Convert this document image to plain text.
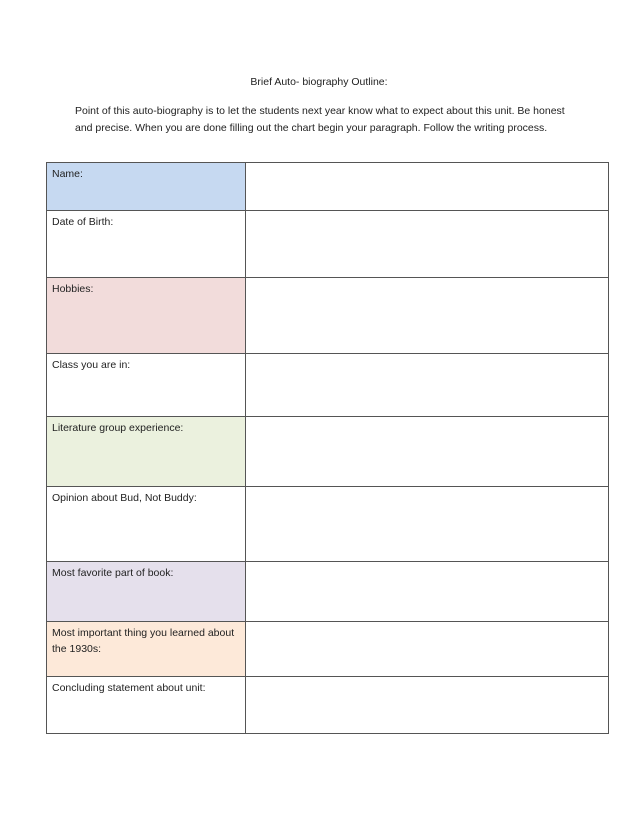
Brief Auto- biography Outline:
Point of this auto-biography is to let the students next year know what to expect about this unit. Be honest and precise. When you are done filling out the chart begin your paragraph. Follow the writing process.
Name:	
Date of Birth:	
Hobbies:	
Class you are in:	
Literature group experience:	
Opinion about Bud, Not Buddy:	
Most favorite part of book:	
Most important thing you learned about the 1930s:	
Concluding statement about unit:	
